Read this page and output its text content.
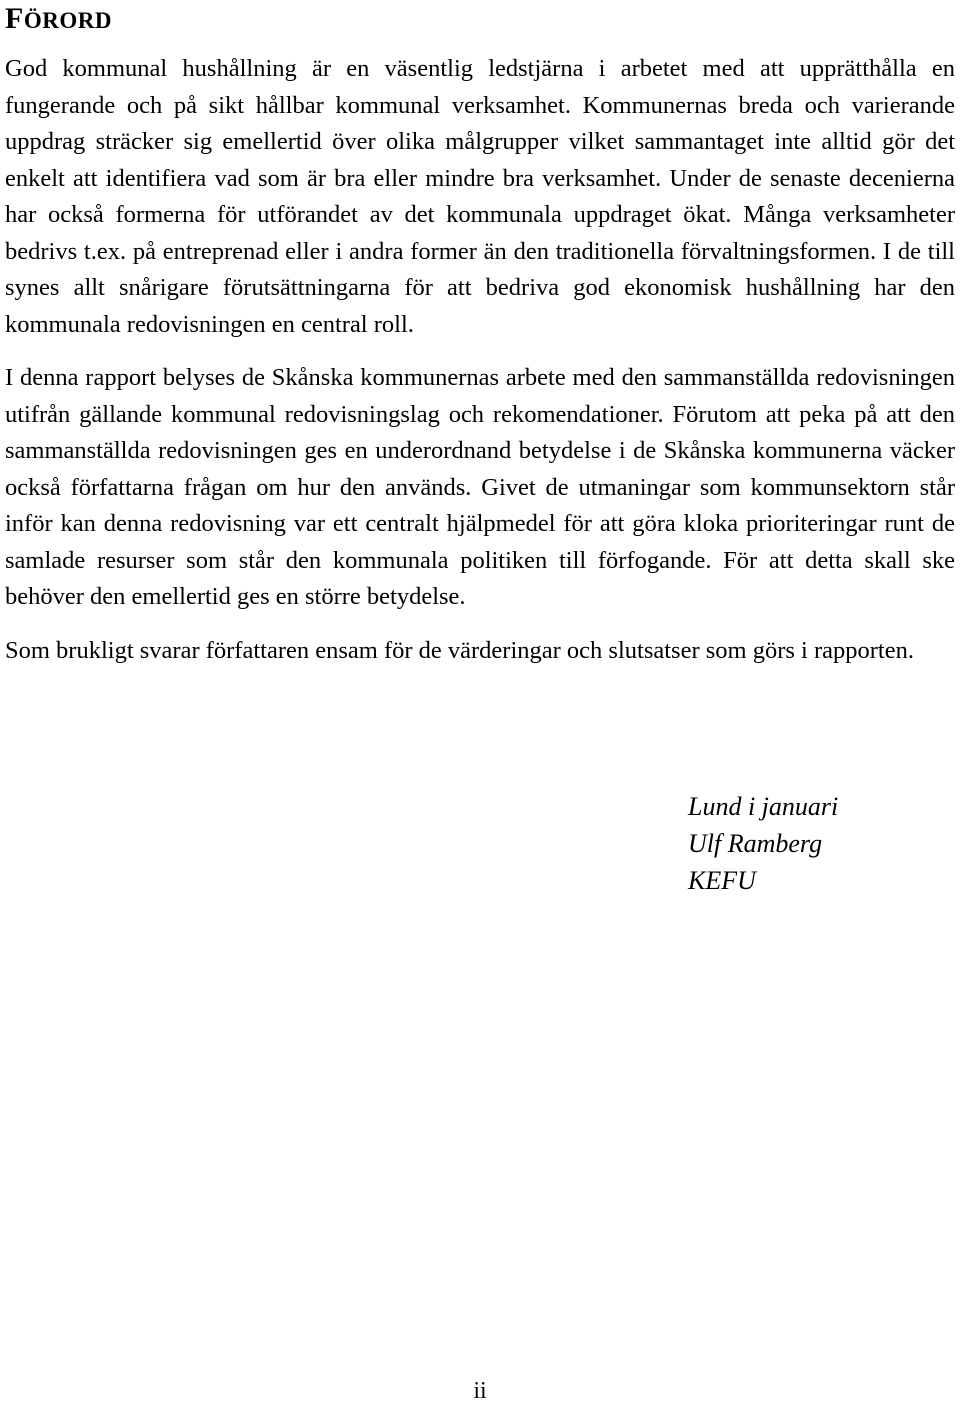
FÖRORD

God kommunal hushållning är en väsentlig ledstjärna i arbetet med att upprätthålla en fungerande och på sikt hållbar kommunal verksamhet. Kommunernas breda och varierande uppdrag sträcker sig emellertid över olika målgrupper vilket sammantaget inte alltid gör det enkelt att identifiera vad som är bra eller mindre bra verksamhet. Under de senaste decenierna har också formerna för utförandet av det kommunala uppdraget ökat. Många verksamheter bedrivs t.ex. på entreprenad eller i andra former än den traditionella förvaltningsformen. I de till synes allt snårigare förutsättningarna för att bedriva god ekonomisk hushållning har den kommunala redovisningen en central roll.

I denna rapport belyses de Skånska kommunernas arbete med den sammanställda redovisningen utifrån gällande kommunal redovisningslag och rekomendationer. Förutom att peka på att den sammanställda redovisningen ges en underordnand betydelse i de Skånska kommunerna väcker också författarna frågan om hur den används. Givet de utmaningar som kommunsektorn står inför kan denna redovisning var ett centralt hjälpmedel för att göra kloka prioriteringar runt de samlade resurser som står den kommunala politiken till förfogande. För att detta skall ske behöver den emellertid ges en större betydelse.

Som brukligt svarar författaren ensam för de värderingar och slutsatser som görs i rapporten.

Lund i januari
Ulf Ramberg
KEFU
ii
